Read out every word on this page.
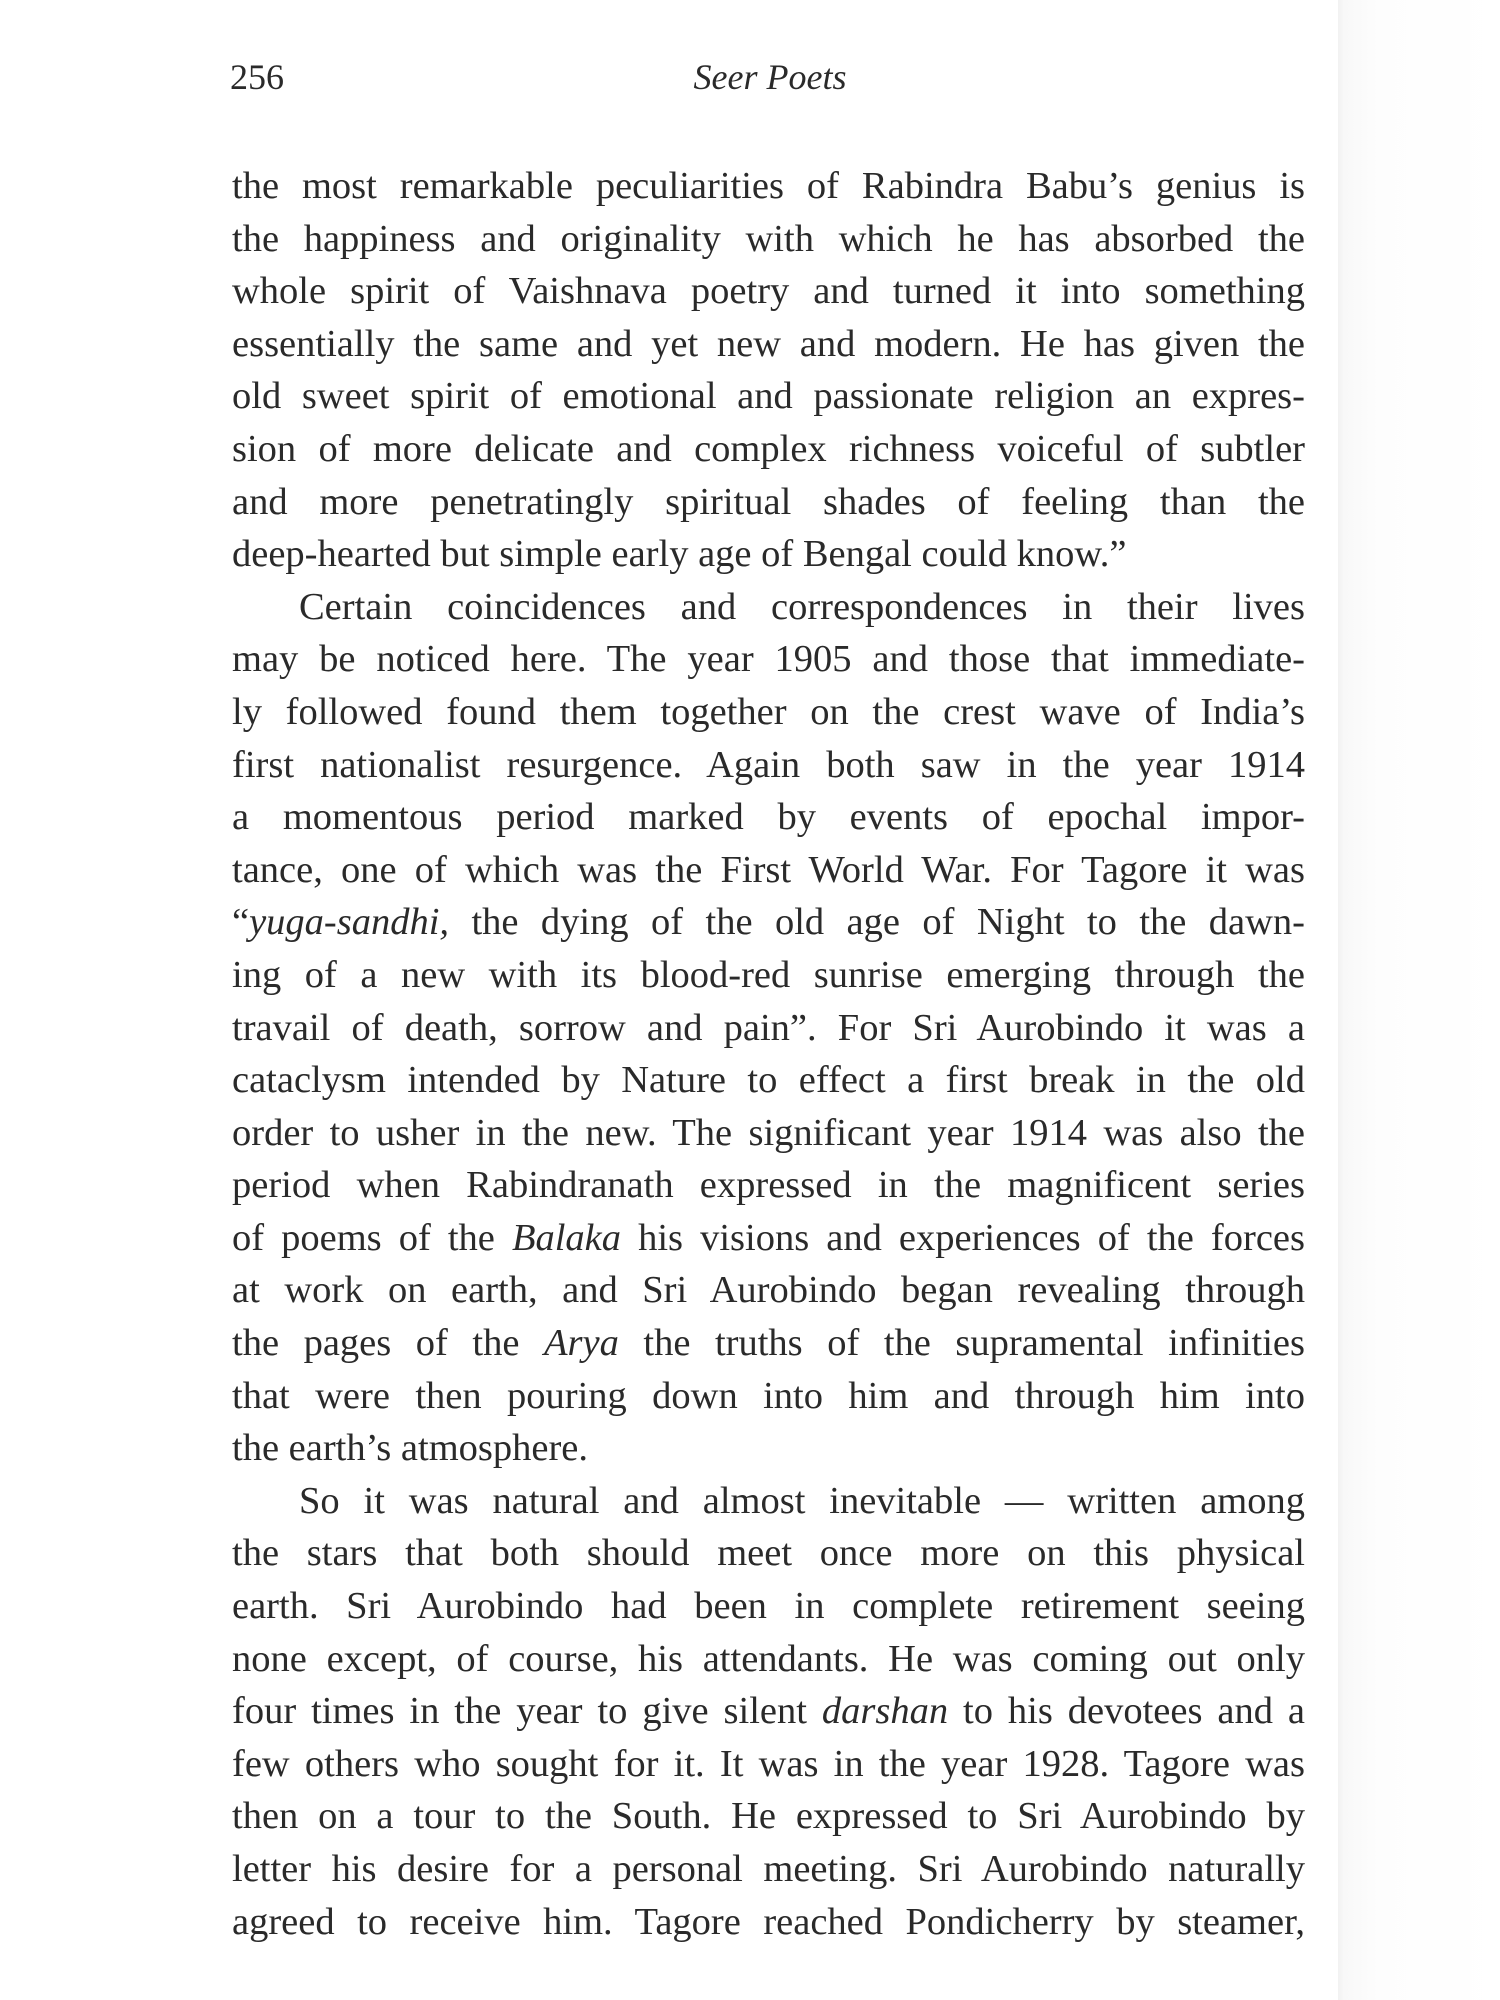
256	Seer Poets
the most remarkable peculiarities of Rabindra Babu’s genius is
the happiness and originality with which he has absorbed the
whole spirit of Vaishnava poetry and turned it into something
essentially the same and yet new and modern. He has given the
old sweet spirit of emotional and passionate religion an expres-
sion of more delicate and complex richness voiceful of subtler
and more penetratingly spiritual shades of feeling than the
deep-hearted but simple early age of Bengal could know.”
Certain coincidences and correspondences in their lives
may be noticed here. The year 1905 and those that immediate-
ly followed found them together on the crest wave of India’s
first nationalist resurgence. Again both saw in the year 1914
a momentous period marked by events of epochal impor-
tance, one of which was the First World War. For Tagore it was
“yuga-sandhi, the dying of the old age of Night to the dawn-
ing of a new with its blood-red sunrise emerging through the
travail of death, sorrow and pain”. For Sri Aurobindo it was a
cataclysm intended by Nature to effect a first break in the old
order to usher in the new. The significant year 1914 was also the
period when Rabindranath expressed in the magnificent series
of poems of the Balaka his visions and experiences of the forces
at work on earth, and Sri Aurobindo began revealing through
the pages of the Arya the truths of the supramental infinities
that were then pouring down into him and through him into
the earth’s atmosphere.
So it was natural and almost inevitable — written among
the stars that both should meet once more on this physical
earth. Sri Aurobindo had been in complete retirement seeing
none except, of course, his attendants. He was coming out only
four times in the year to give silent darshan to his devotees and a
few others who sought for it. It was in the year 1928. Tagore was
then on a tour to the South. He expressed to Sri Aurobindo by
letter his desire for a personal meeting. Sri Aurobindo naturally
agreed to receive him. Tagore reached Pondicherry by steamer,
